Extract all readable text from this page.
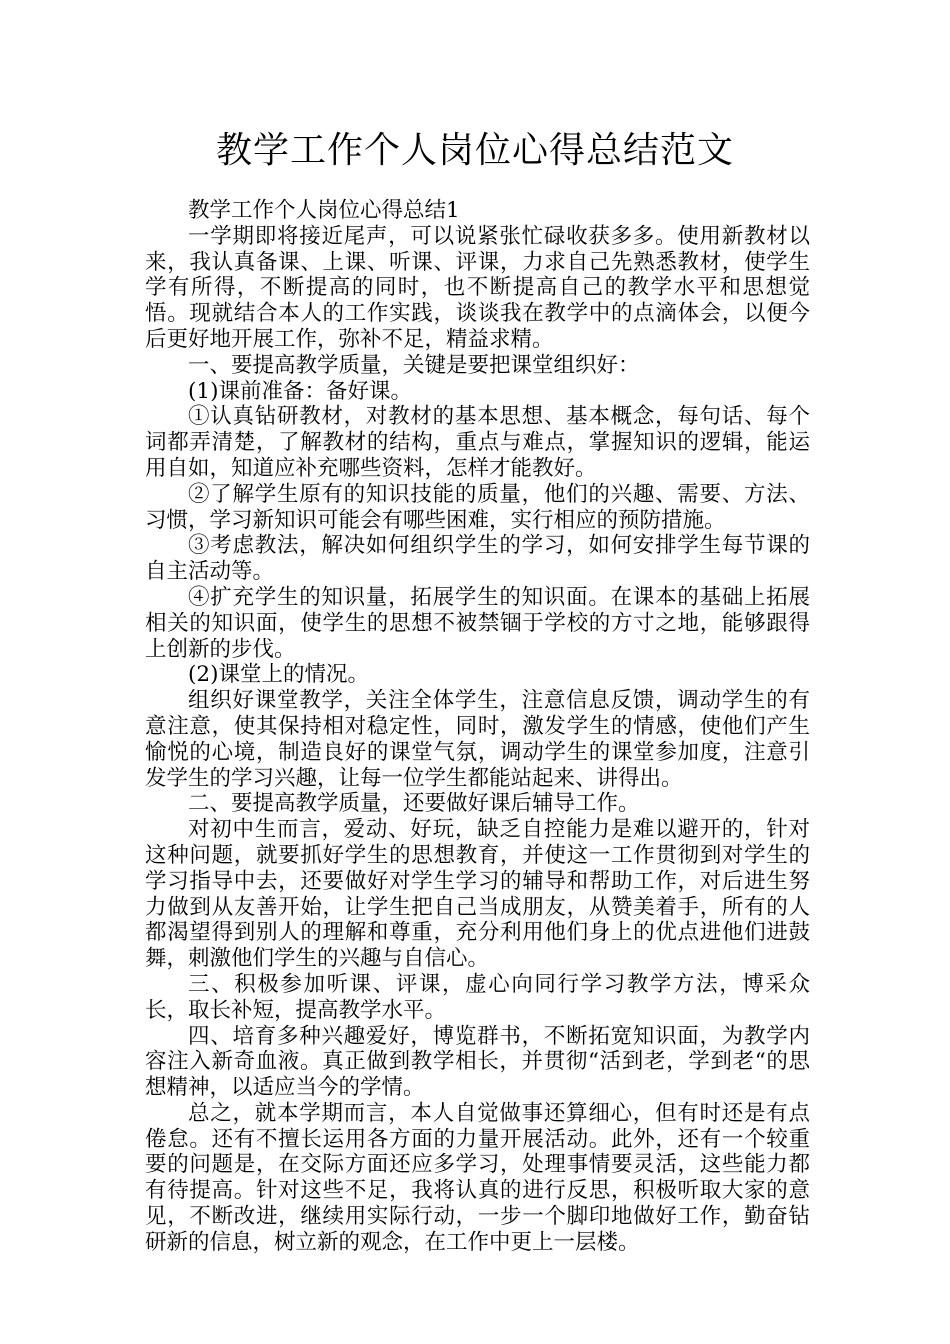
教学工作个人岗位心得总结范文

教学工作个人岗位心得总结1

一学期即将接近尾声，可以说紧张忙碌收获多多。使用新教材以来，我认真备课、上课、听课、评课，力求自己先熟悉教材，使学生学有所得，不断提高的同时，也不断提高自己的教学水平和思想觉悟。现就结合本人的工作实践，谈谈我在教学中的点滴体会，以便今后更好地开展工作，弥补不足，精益求精。

一、要提高教学质量，关键是要把课堂组织好：

(1)课前准备：备好课。

①认真钻研教材，对教材的基本思想、基本概念，每句话、每个词都弄清楚，了解教材的结构，重点与难点，掌握知识的逻辑，能运用自如，知道应补充哪些资料，怎样才能教好。

②了解学生原有的知识技能的质量，他们的兴趣、需要、方法、习惯，学习新知识可能会有哪些困难，实行相应的预防措施。

③考虑教法，解决如何组织学生的学习，如何安排学生每节课的自主活动等。

④扩充学生的知识量，拓展学生的知识面。在课本的基础上拓展相关的知识面，使学生的思想不被禁锢于学校的方寸之地，能够跟得上创新的步伐。

(2)课堂上的情况。

组织好课堂教学，关注全体学生，注意信息反馈，调动学生的有意注意，使其保持相对稳定性，同时，激发学生的情感，使他们产生愉悦的心境，制造良好的课堂气氛，调动学生的课堂参加度，注意引发学生的学习兴趣，让每一位学生都能站起来、讲得出。

二、要提高教学质量，还要做好课后辅导工作。

对初中生而言，爱动、好玩，缺乏自控能力是难以避开的，针对这种问题，就要抓好学生的思想教育，并使这一工作贯彻到对学生的学习指导中去，还要做好对学生学习的辅导和帮助工作，对后进生努力做到从友善开始，让学生把自己当成朋友，从赞美着手，所有的人都渴望得到别人的理解和尊重，充分利用他们身上的优点进他们进鼓舞，刺激他们学生的兴趣与自信心。

三、积极参加听课、评课，虚心向同行学习教学方法，博采众长，取长补短，提高教学水平。

四、培育多种兴趣爱好，博览群书，不断拓宽知识面，为教学内容注入新奇血液。真正做到教学相长，并贯彻“活到老，学到老“的思想精神，以适应当今的学情。

总之，就本学期而言，本人自觉做事还算细心，但有时还是有点倦怠。还有不擅长运用各方面的力量开展活动。此外，还有一个较重要的问题是，在交际方面还应多学习，处理事情要灵活，这些能力都有待提高。针对这些不足，我将认真的进行反思，积极听取大家的意见，不断改进，继续用实际行动，一步一个脚印地做好工作，勤奋钻研新的信息，树立新的观念，在工作中更上一层楼。
